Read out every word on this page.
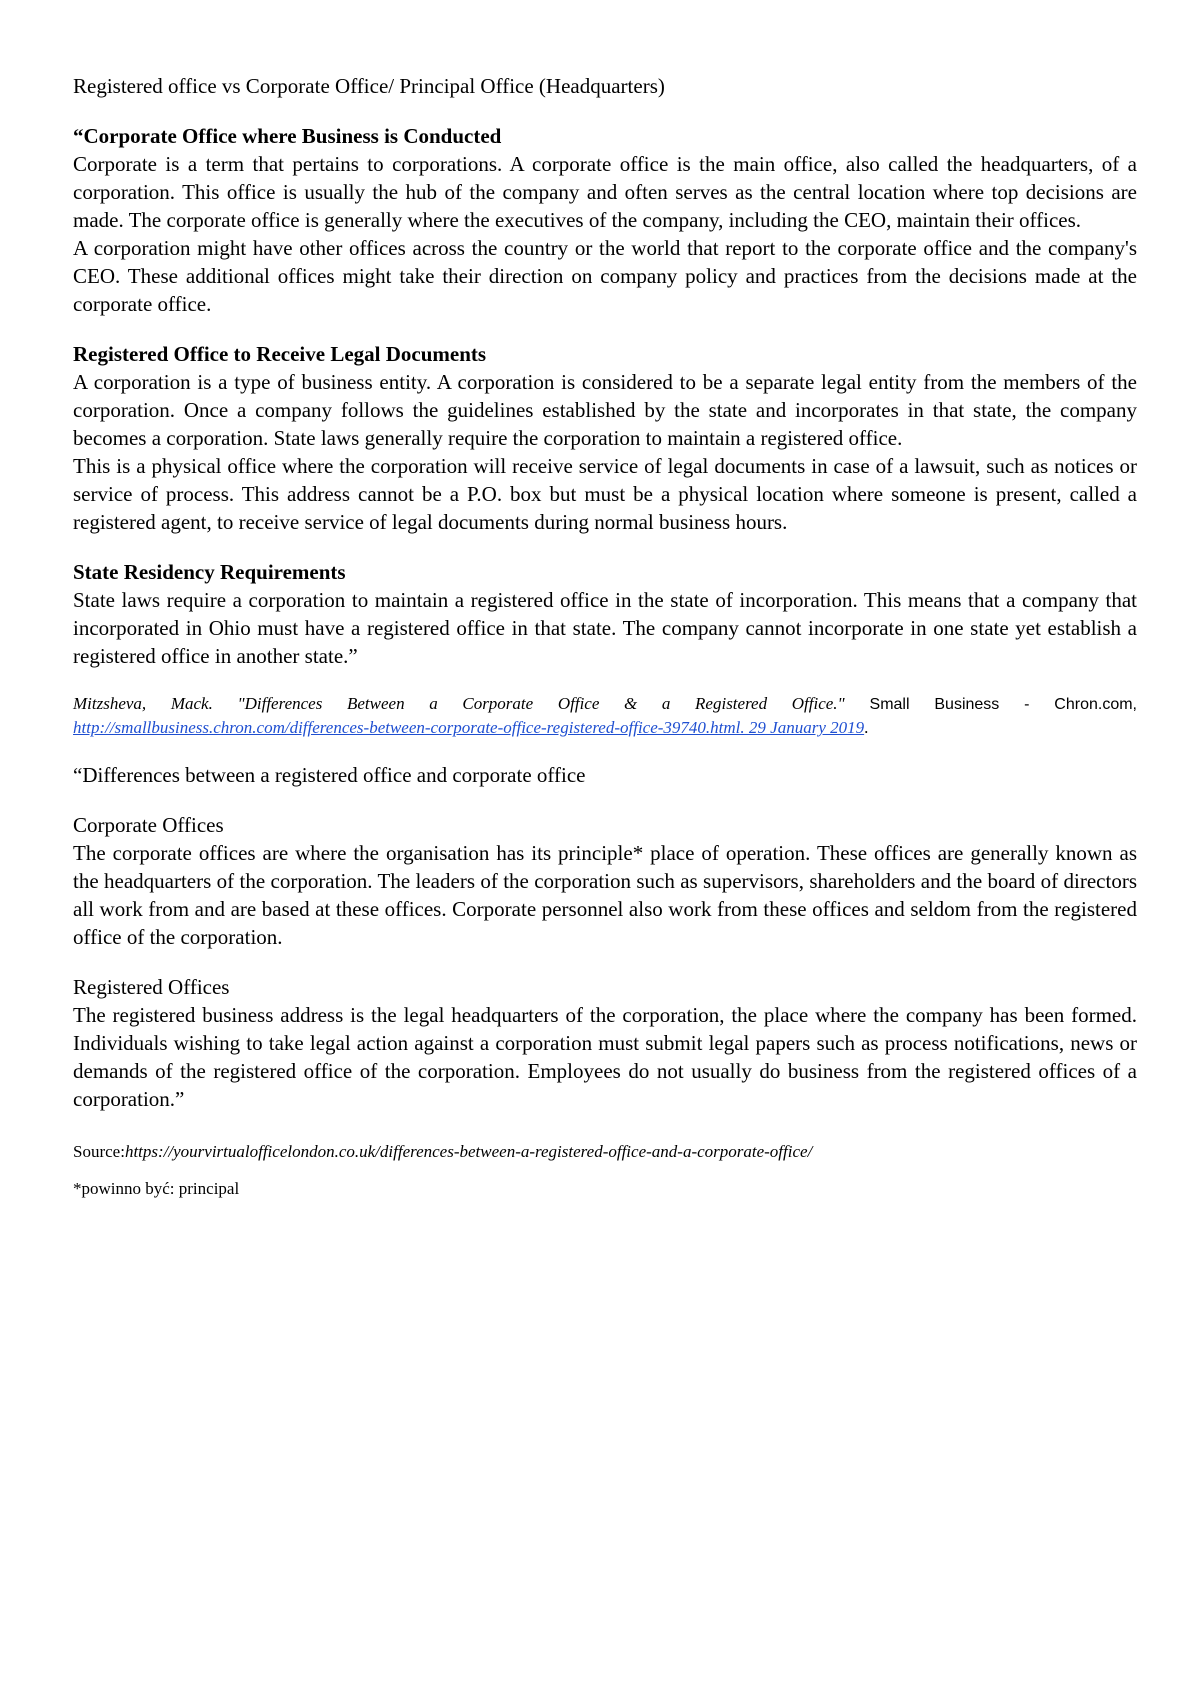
Registered office vs Corporate Office/ Principal Office (Headquarters)

“Corporate Office where Business is Conducted

Corporate is a term that pertains to corporations. A corporate office is the main office, also called the headquarters, of a corporation. This office is usually the hub of the company and often serves as the central location where top decisions are made. The corporate office is generally where the executives of the company, including the CEO, maintain their offices.

A corporation might have other offices across the country or the world that report to the corporate office and the company's CEO. These additional offices might take their direction on company policy and practices from the decisions made at the corporate office.

Registered Office to Receive Legal Documents

A corporation is a type of business entity. A corporation is considered to be a separate legal entity from the members of the corporation. Once a company follows the guidelines established by the state and incorporates in that state, the company becomes a corporation. State laws generally require the corporation to maintain a registered office.

This is a physical office where the corporation will receive service of legal documents in case of a lawsuit, such as notices or service of process. This address cannot be a P.O. box but must be a physical location where someone is present, called a registered agent, to receive service of legal documents during normal business hours.

State Residency Requirements

State laws require a corporation to maintain a registered office in the state of incorporation. This means that a company that incorporated in Ohio must have a registered office in that state. The company cannot incorporate in one state yet establish a registered office in another state.”

Mitzsheva, Mack. "Differences Between a Corporate Office & a Registered Office." Small Business - Chron.com, http://smallbusiness.chron.com/differences-between-corporate-office-registered-office-39740.html. 29 January 2019.

“Differences between a registered office and corporate office

Corporate Offices

The corporate offices are where the organisation has its principle* place of operation. These offices are generally known as the headquarters of the corporation. The leaders of the corporation such as supervisors, shareholders and the board of directors all work from and are based at these offices. Corporate personnel also work from these offices and seldom from the registered office of the corporation.

Registered Offices

The registered business address is the legal headquarters of the corporation, the place where the company has been formed. Individuals wishing to take legal action against a corporation must submit legal papers such as process notifications, news or demands of the registered office of the corporation. Employees do not usually do business from the registered offices of a corporation.”

Source:https://yourvirtualofficelondon.co.uk/differences-between-a-registered-office-and-a-corporate-office/

*powinno być: principal
